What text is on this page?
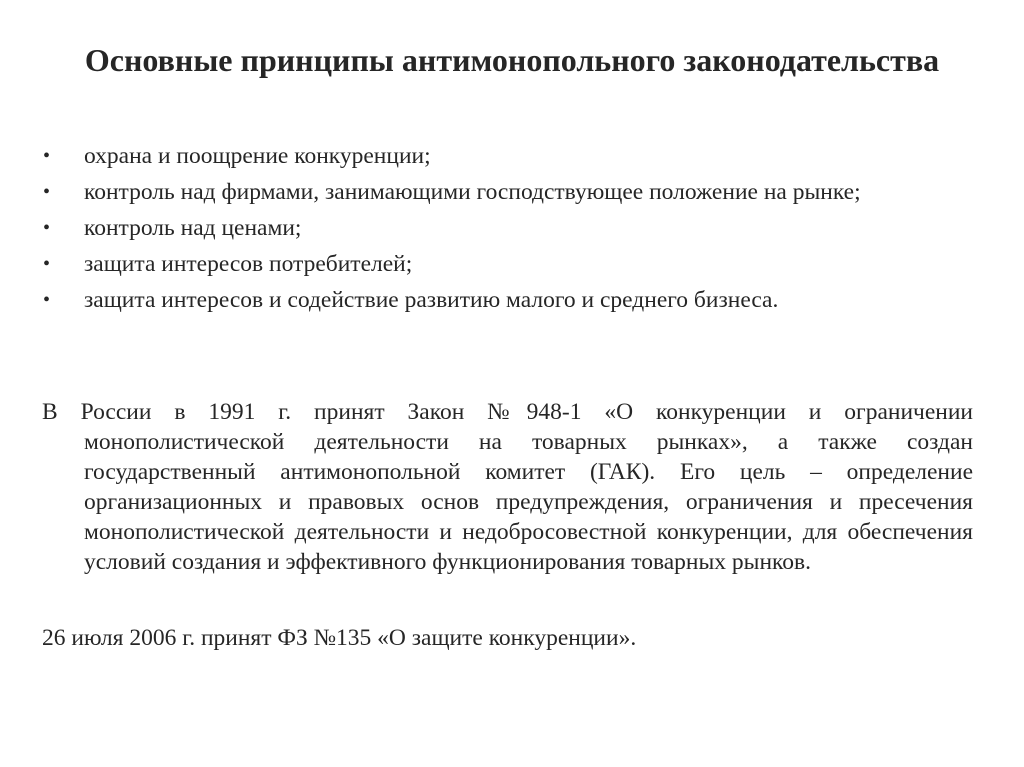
Основные принципы антимонопольного законодательства
• охрана и поощрение конкуренции;
• контроль над фирмами, занимающими господствующее положение на рынке;
• контроль над ценами;
• защита интересов потребителей;
• защита интересов и содействие развитию малого и среднего бизнеса.

В России в 1991 г. принят Закон №948-1 «О конкуренции и ограничении монополистической деятельности на товарных рынках», а также создан государственный антимонопольной комитет (ГАК). Его цель – определение организационных и правовых основ предупреждения, ограничения и пресечения монополистической деятельности и недобросовестной конкуренции, для обеспечения условий создания и эффективного функционирования товарных рынков.

26 июля 2006 г. принят ФЗ №135 «О защите конкуренции».
